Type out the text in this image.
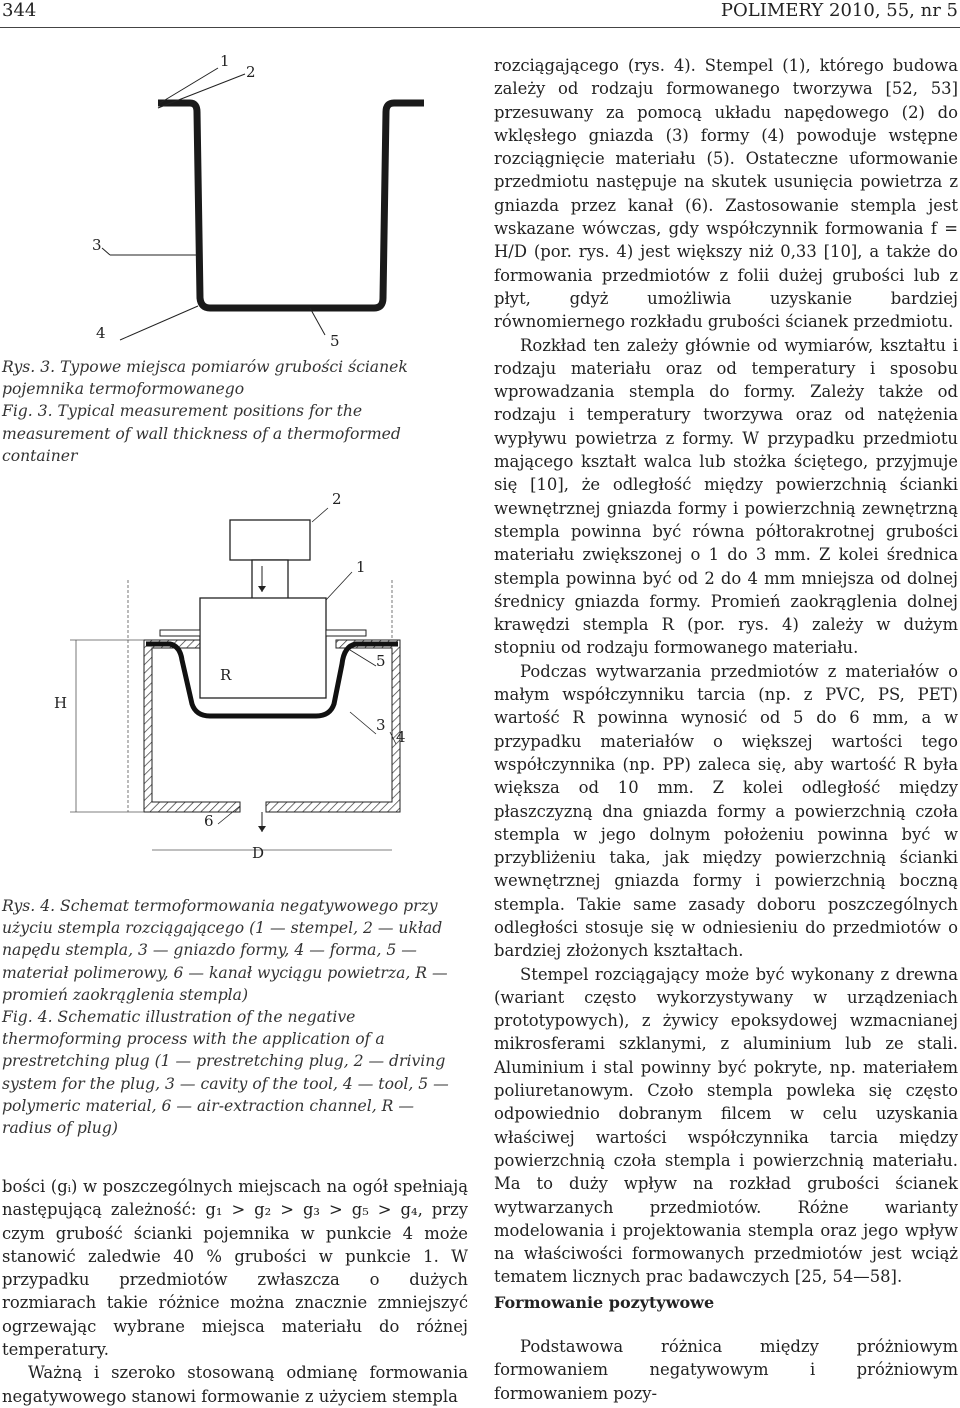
344	POLIMERY 2010, 55, nr 5
1
2
3
4	5

Rys. 3. Typowe miejsca pomiarów grubości ścianek pojemnika termoformowanego

Fig. 3. Typical measurement positions for the measurement of wall thickness of a thermoformed container

2
1
5
3
4
6
H
R
D

Rys. 4. Schemat termoformowania negatywowego przy użyciu stempla rozciągającego (1 — stempel, 2 — układ napędu stempla, 3 — gniazdo formy, 4 — forma, 5 — materiał polimerowy, 6 — kanał wyciągu powietrza, R — promień zaokrąglenia stempla)

Fig. 4. Schematic illustration of the negative thermoforming process with the application of a prestretching plug (1 — prestretching plug, 2 — driving system for the plug, 3 — cavity of the tool, 4 — tool, 5 — polymeric material, 6 — air-extraction channel, R — radius of plug)

bości (gᵢ) w poszczególnych miejscach na ogół spełniają następującą zależność: g₁ > g₂ > g₃ > g₅ > g₄, przy czym grubość ścianki pojemnika w punkcie 4 może stanowić zaledwie 40 % grubości w punkcie 1. W przypadku przedmiotów zwłaszcza o dużych rozmiarach takie różnice można znacznie zmniejszyć ogrzewając wybrane miejsca materiału do różnej temperatury.

Ważną i szeroko stosowaną odmianę formowania negatywowego stanowi formowanie z użyciem stempla

rozciągającego (rys. 4). Stempel (1), którego budowa zależy od rodzaju formowanego tworzywa [52, 53] przesuwany za pomocą układu napędowego (2) do wklęsłego gniazda (3) formy (4) powoduje wstępne rozciągnięcie materiału (5). Ostateczne uformowanie przedmiotu następuje na skutek usunięcia powietrza z gniazda przez kanał (6). Zastosowanie stempla jest wskazane wówczas, gdy współczynnik formowania f = H/D (por. rys. 4) jest większy niż 0,33 [10], a także do formowania przedmiotów z folii dużej grubości lub z płyt, gdyż umożliwia uzyskanie bardziej równomiernego rozkładu grubości ścianek przedmiotu.

Rozkład ten zależy głównie od wymiarów, kształtu i rodzaju materiału oraz od temperatury i sposobu wprowadzania stempla do formy. Zależy także od rodzaju i temperatury tworzywa oraz od natężenia wypływu powietrza z formy. W przypadku przedmiotu mającego kształt walca lub stożka ściętego, przyjmuje się [10], że odległość między powierzchnią ścianki wewnętrznej gniazda formy i powierzchnią zewnętrzną stempla powinna być równa półtorakrotnej grubości materiału zwiększonej o 1 do 3 mm. Z kolei średnica stempla powinna być od 2 do 4 mm mniejsza od dolnej średnicy gniazda formy. Promień zaokrąglenia dolnej krawędzi stempla R (por. rys. 4) zależy w dużym stopniu od rodzaju formowanego materiału.

Podczas wytwarzania przedmiotów z materiałów o małym współczynniku tarcia (np. z PVC, PS, PET) wartość R powinna wynosić od 5 do 6 mm, a w przypadku materiałów o większej wartości tego współczynnika (np. PP) zaleca się, aby wartość R była większa od 10 mm. Z kolei odległość między płaszczyzną dna gniazda formy a powierzchnią czoła stempla w jego dolnym położeniu powinna być w przybliżeniu taka, jak między powierzchnią ścianki wewnętrznej gniazda formy i powierzchnią boczną stempla. Takie same zasady doboru poszczególnych odległości stosuje się w odniesieniu do przedmiotów o bardziej złożonych kształtach.

Stempel rozciągający może być wykonany z drewna (wariant często wykorzystywany w urządzeniach prototypowych), z żywicy epoksydowej wzmacnianej mikrosferami szklanymi, z aluminium lub ze stali. Aluminium i stal powinny być pokryte, np. materiałem poliuretanowym. Czoło stempla powleka się często odpowiednio dobranym filcem w celu uzyskania właściwej wartości współczynnika tarcia między powierzchnią czoła stempla i powierzchnią materiału. Ma to duży wpływ na rozkład grubości ścianek wytwarzanych przedmiotów. Różne warianty modelowania i projektowania stempla oraz jego wpływ na właściwości formowanych przedmiotów jest wciąż tematem licznych prac badawczych [25, 54—58].

Formowanie pozytywowe

Podstawowa różnica między próżniowym formowaniem negatywowym i próżniowym formowaniem pozy-
